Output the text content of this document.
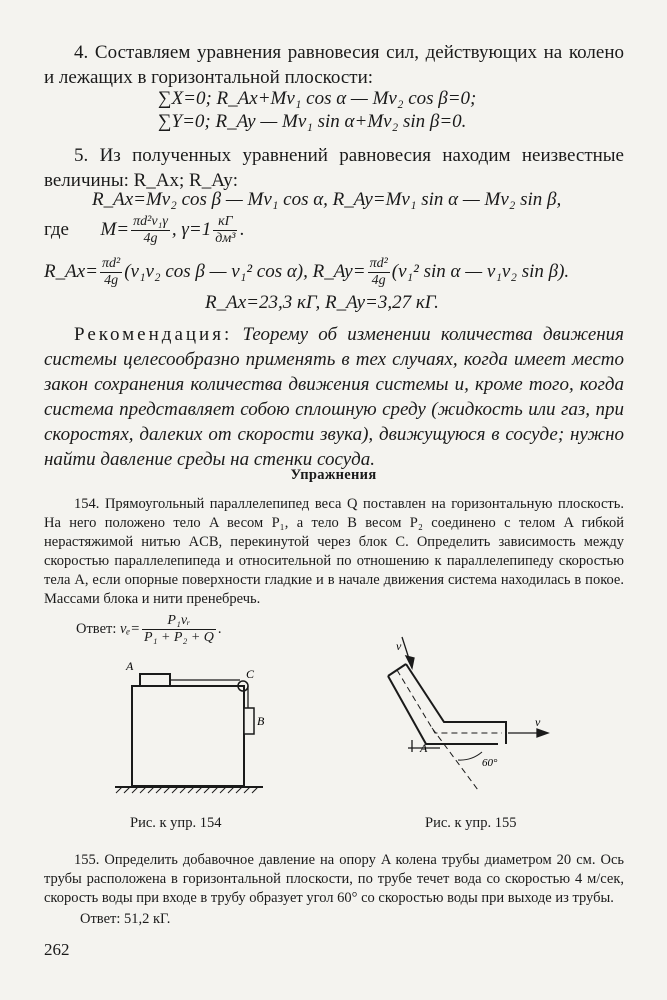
4. Составляем уравнения равновесия сил, действующих на колено и лежащих в горизонтальной плоскости:
∑X=0; R_Ax+Mv₁ cos α — Mv₂ cos β=0;
∑Y=0; R_Ay — Mv₁ sin α+Mv₂ sin β=0.
5. Из полученных уравнений равновесия находим неизвестные величины: R_Ax; R_Ay:
R_Ax=Mv₂ cos β — Mv₁ cos α, R_Ay=Mv₁ sin α — Mv₂ sin β,
где $M= \frac{\text{πd²v₁γ}}{4g}$ , $\gamma=1 \frac{кГ}{\text{дм³}}$ .
R_Ax= $\frac{\text{πd²}}{4g} (v_1v_2$ cos β — v₁² cos α), R_Ay= $\frac{\text{πd²}}{4g} (v_1^2$ sin α — v₁v₂ sin β).
R_Ax=23,3 кГ, R_Ay=3,27 кГ.
Рекомендация: Теорему об изменении количества движения системы целесообразно применять в тех случаях, когда имеет место закон сохранения количества движения системы и, кроме того, когда система представляет собою сплошную среду (жидкость или газ, при скоростях, далеких от скорости звука), движущуюся в сосуде; нужно найти давление среды на стенки сосуда.
Упражнения
154. Прямоугольный параллелепипед веса Q поставлен на горизонтальную плоскость. На него положено тело A весом P₁, а тело B весом P₂ соединено с телом A гибкой нерастяжимой нитью ACB, перекинутой через блок C. Определить зависимость между скоростью параллелепипеда и относительной по отношению к параллелепипеду скоростью тела A, если опорные поверхности гладкие и в начале движения система находилась в покое. Массами блока и нити пренебречь.
Ответ: $v_e= \frac{\text{P₁vᵣ}}{\text{P₁ + P₂ + Q}}$ .
A
C
B
v
v
A
60°
Рис. к упр. 154	Рис. к упр. 155
155. Определить добавочное давление на опору A колена трубы диаметром 20 см. Ось трубы расположена в горизонтальной плоскости, по трубе течет вода со скоростью 4 м/сек, скорость воды при входе в трубу образует угол 60° со скоростью воды при выходе из трубы.
Ответ: 51,2 кГ.
262
